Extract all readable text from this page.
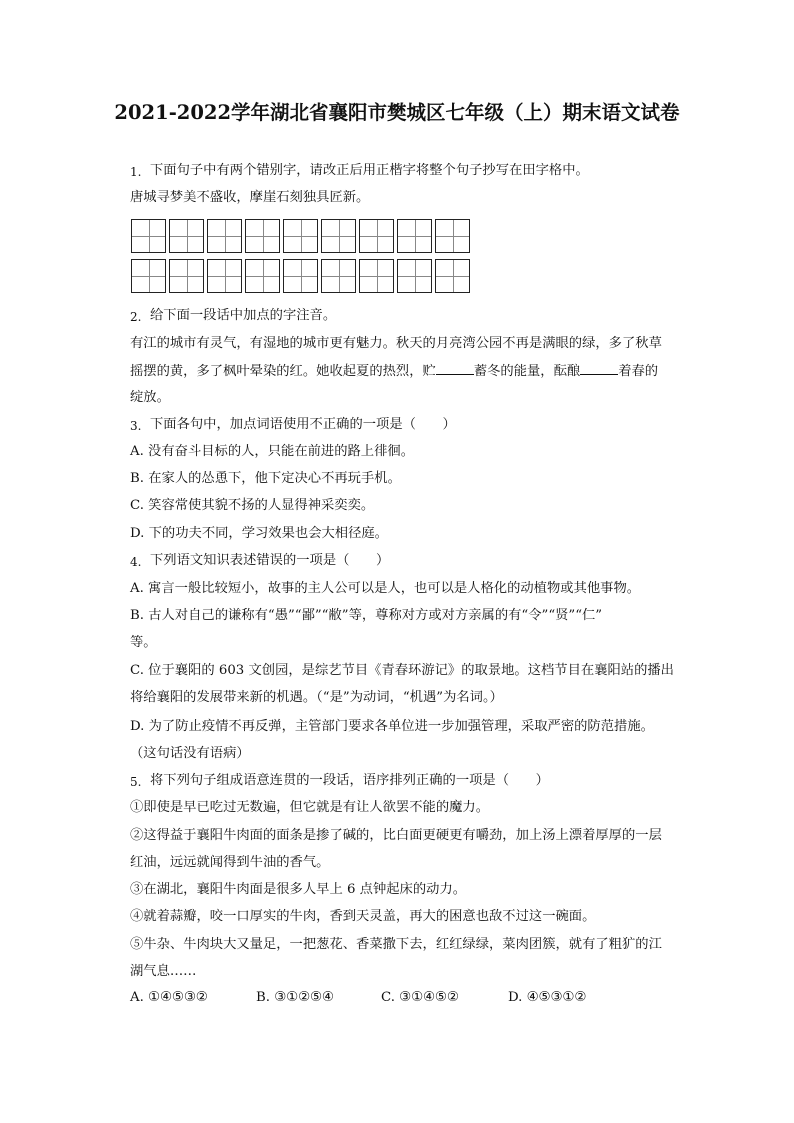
2021-2022学年湖北省襄阳市樊城区七年级（上）期末语文试卷
1. 下面句子中有两个错别字，请改正后用正楷字将整个句子抄写在田字格中。
唐城寻梦美不盛收，摩崖石刻独具匠新。
2. 给下面一段话中加点的字注音。
有江的城市有灵气，有湿地的城市更有魅力。秋天的月亮湾公园不再是满眼的绿，多了秋草
摇摆的黄，多了枫叶晕染的红。她收起夏的热烈，贮	蓄冬的能量，酝酿	着春的
绽放。
3. 下面各句中，加点词语使用不正确的一项是（　　）
A. 没有奋斗目标的人，只能在前进的路上徘徊。
B. 在家人的怂恿下，他下定决心不再玩手机。
C. 笑容常使其貌不扬的人显得神采奕奕。
D. 下的功夫不同，学习效果也会大相径庭。
4. 下列语文知识表述错误的一项是（　　）
A. 寓言一般比较短小，故事的主人公可以是人，也可以是人格化的动植物或其他事物。
B. 古人对自己的谦称有“愚”“鄙”“敝”等，尊称对方或对方亲属的有“令”“贤”“仁”
等。
C. 位于襄阳的 603 文创园，是综艺节目《青春环游记》的取景地。这档节目在襄阳站的播出
将给襄阳的发展带来新的机遇。（“是”为动词，“机遇”为名词。）
D. 为了防止疫情不再反弹，主管部门要求各单位进一步加强管理，采取严密的防范措施。
（这句话没有语病）
5. 将下列句子组成语意连贯的一段话，语序排列正确的一项是（　　）
①即使是早已吃过无数遍，但它就是有让人欲罢不能的魔力。
②这得益于襄阳牛肉面的面条是掺了碱的，比白面更硬更有嚼劲，加上汤上漂着厚厚的一层
红油，远远就闻得到牛油的香气。
③在湖北，襄阳牛肉面是很多人早上 6 点钟起床的动力。
④就着蒜瓣，咬一口厚实的牛肉，香到天灵盖，再大的困意也敌不过这一碗面。
⑤牛杂、牛肉块大又量足，一把葱花、香菜撒下去，红红绿绿，菜肉团簇，就有了粗犷的江
湖气息……
A. ①④⑤③②	B. ③①②⑤④	C. ③①④⑤②	D. ④⑤③①②
